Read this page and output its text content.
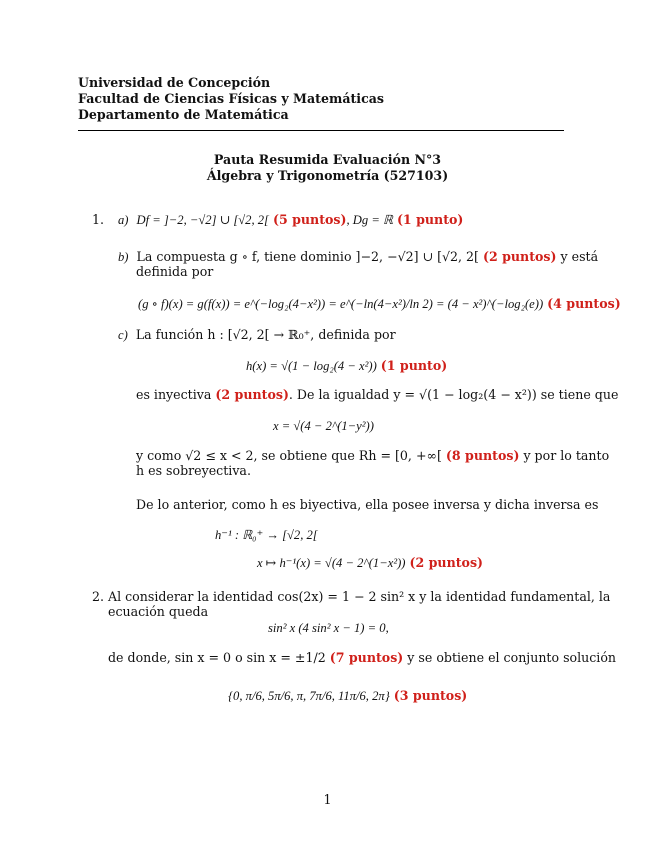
Universidad de Concepción
Facultad de Ciencias Físicas y Matemáticas
Departamento de Matemática
Pauta Resumida Evaluación N°3
Álgebra y Trigonometría (527103)
1. a) Df = ]−2, −√2] ∪ [√2, 2[ (5 puntos), Dg = ℝ (1 punto)
b) La compuesta g ∘ f, tiene dominio ]−2, −√2] ∪ [√2, 2[ (2 puntos) y está
definida por
(g ∘ f)(x) = g(f(x)) = e^(−log₂(4−x²)) = e^(−ln(4−x²)/ln 2) = (4 − x²)^(−log₂(e)) (4 puntos)
c) La función h : [√2, 2[ → ℝ₀⁺, definida por
h(x) = √(1 − log₂(4 − x²)) (1 punto)
es inyectiva (2 puntos). De la igualdad y = √(1 − log₂(4 − x²)) se tiene que
x = √(4 − 2^(1−y²))
y como √2 ≤ x < 2, se obtiene que Rh = [0, +∞[ (8 puntos) y por lo tanto
h es sobreyectiva.
De lo anterior, como h es biyectiva, ella posee inversa y dicha inversa es
h⁻¹ : ℝ₀⁺ → [√2, 2[
x ↦ h⁻¹(x) = √(4 − 2^(1−x²)) (2 puntos)
2. Al considerar la identidad cos(2x) = 1 − 2 sin² x y la identidad fundamental, la
ecuación queda
sin² x (4 sin² x − 1) = 0,
de donde, sin x = 0 o sin x = ±1/2 (7 puntos) y se obtiene el conjunto solución
{0, π/6, 5π/6, π, 7π/6, 11π/6, 2π} (3 puntos)
1
